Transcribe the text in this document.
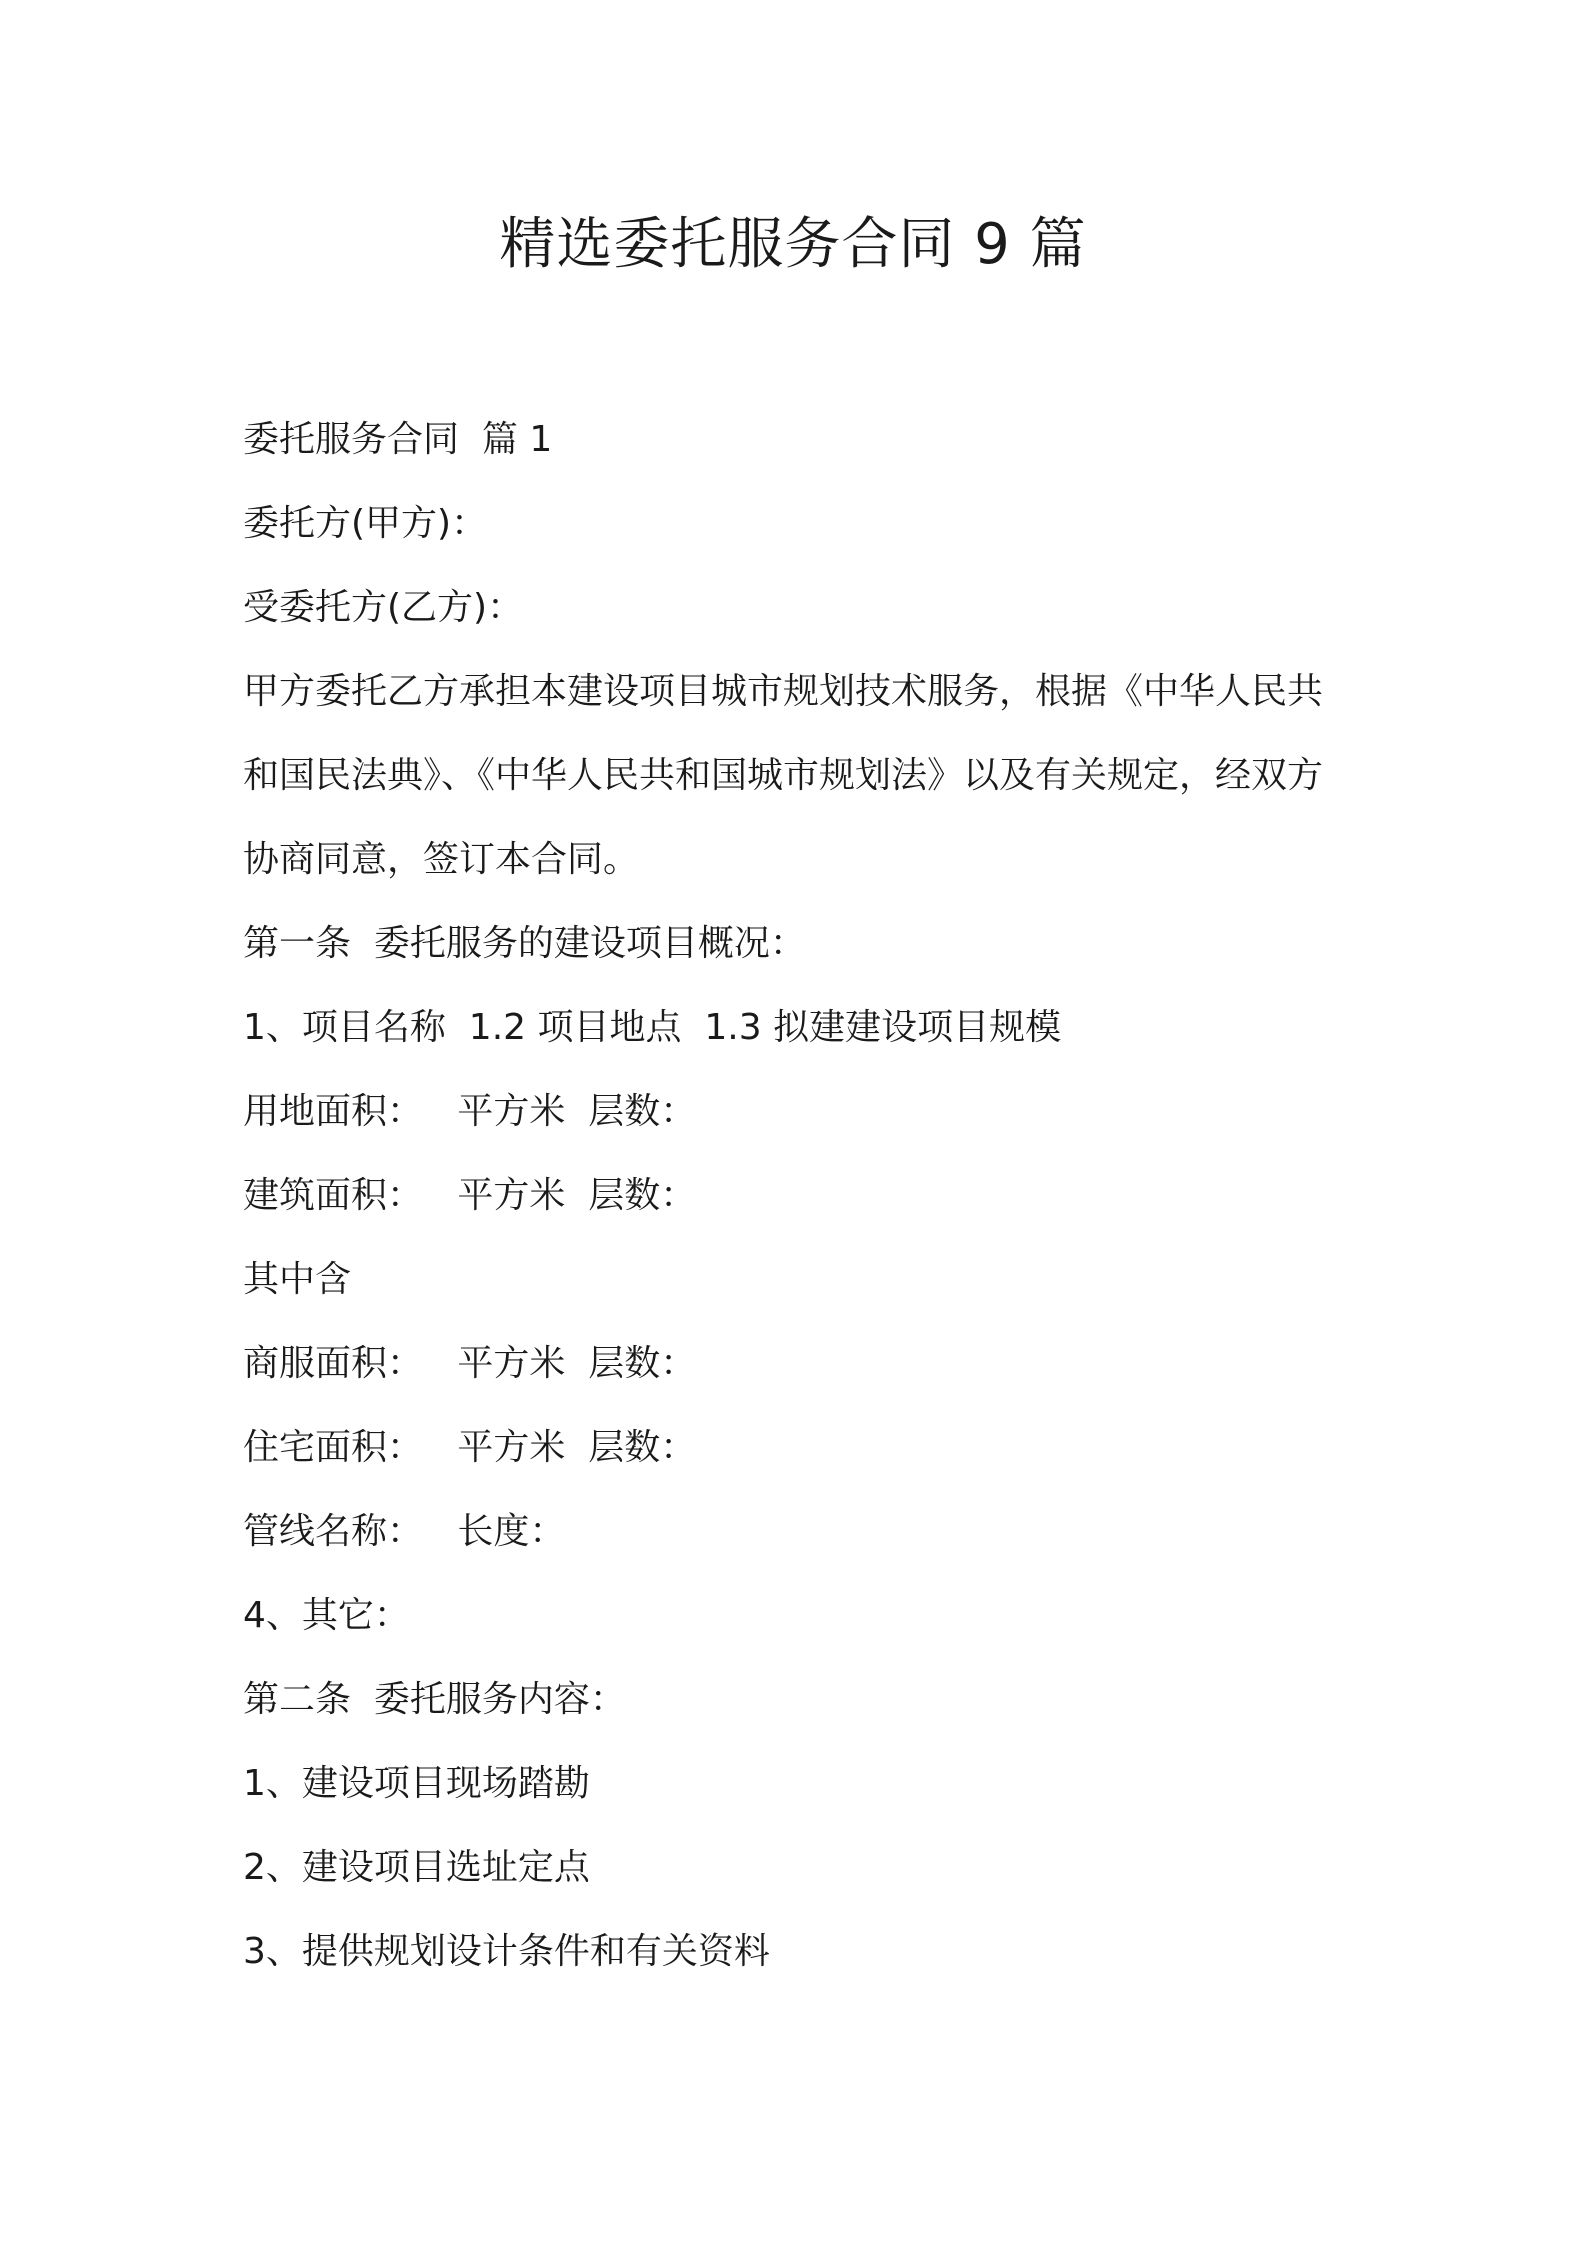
精选委托服务合同 9 篇

委托服务合同  篇 1

委托方(甲方)：

受委托方(乙方)：

甲方委托乙方承担本建设项目城市规划技术服务，根据《中华人民共

和国民法典》、《中华人民共和国城市规划法》以及有关规定，经双方

协商同意，签订本合同。

第一条  委托服务的建设项目概况：

1、项目名称  1.2 项目地点  1.3 拟建建设项目规模

用地面积：   平方米  层数：

建筑面积：   平方米  层数：

其中含

商服面积：   平方米  层数：

住宅面积：   平方米  层数：

管线名称：   长度：

4、其它：

第二条  委托服务内容：

1、建设项目现场踏勘

2、建设项目选址定点

3、提供规划设计条件和有关资料
